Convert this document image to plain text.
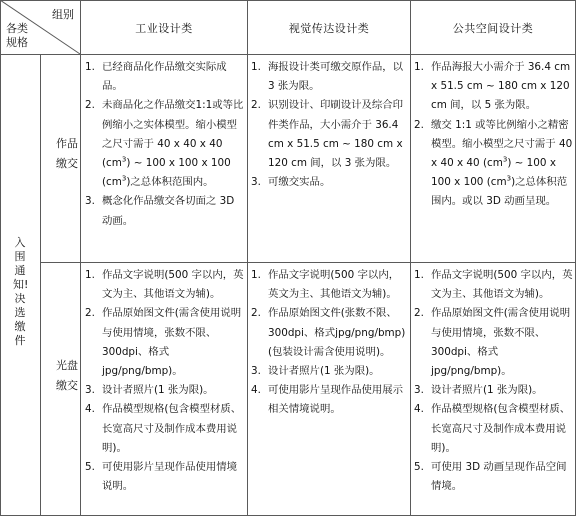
组别
各类
规格
工业设计类	视觉传达设计类	公共空间设计类
入围通知!决选缴件
作品
缴交
光盘
缴交
1. 已经商品化作品缴交实际成品。
2. 未商品化之作品缴交1:1或等比例缩小之实体模型。缩小模型之尺寸需于 40 x 40 x 40 $(cm^3)$ ~ 100 x 100 x 100 $(cm^3)$之总体积范围内。
3. 概念化作品缴交各切面之 3D 动画。
1. 海报设计类可缴交原作品，以 3 张为限。
2. 识别设计、印刷设计及综合印件类作品，大小需介于 36.4 cm x 51.5 cm ~ 180 cm x 120 cm 间，以 3 张为限。
3. 可缴交实品。
1. 作品海报大小需介于 36.4 cm x 51.5 cm ~ 180 cm x 120 cm 间，以 5 张为限。
2. 缴交 1:1 或等比例缩小之精密模型。缩小模型之尺寸需于 40 x 40 x 40 $(cm^3)$ ~ 100 x 100 x 100 $(cm^3)$之总体积范围内。或以 3D 动画呈现。
1. 作品文字说明(500 字以内，英文为主、其他语文为辅)。
2. 作品原始图文件(需含使用说明与使用情境，张数不限、300dpi、格式jpg/png/bmp)。
3. 设计者照片(1 张为限)。
4. 作品模型规格(包含模型材质、长宽高尺寸及制作成本费用说明)。
5. 可使用影片呈现作品使用情境说明。
1. 作品文字说明(500 字以内，英文为主、其他语文为辅)。
2. 作品原始图文件(张数不限、300dpi、格式jpg/png/bmp)(包装设计需含使用说明)。
3. 设计者照片(1 张为限)。
4. 可使用影片呈现作品使用展示相关情境说明。
1. 作品文字说明(500 字以内，英文为主、其他语文为辅)。
2. 作品原始图文件(需含使用说明与使用情境，张数不限、300dpi、格式jpg/png/bmp)。
3. 设计者照片(1 张为限)。
4. 作品模型规格(包含模型材质、长宽高尺寸及制作成本费用说明)。
5. 可使用 3D 动画呈现作品空间情境。
